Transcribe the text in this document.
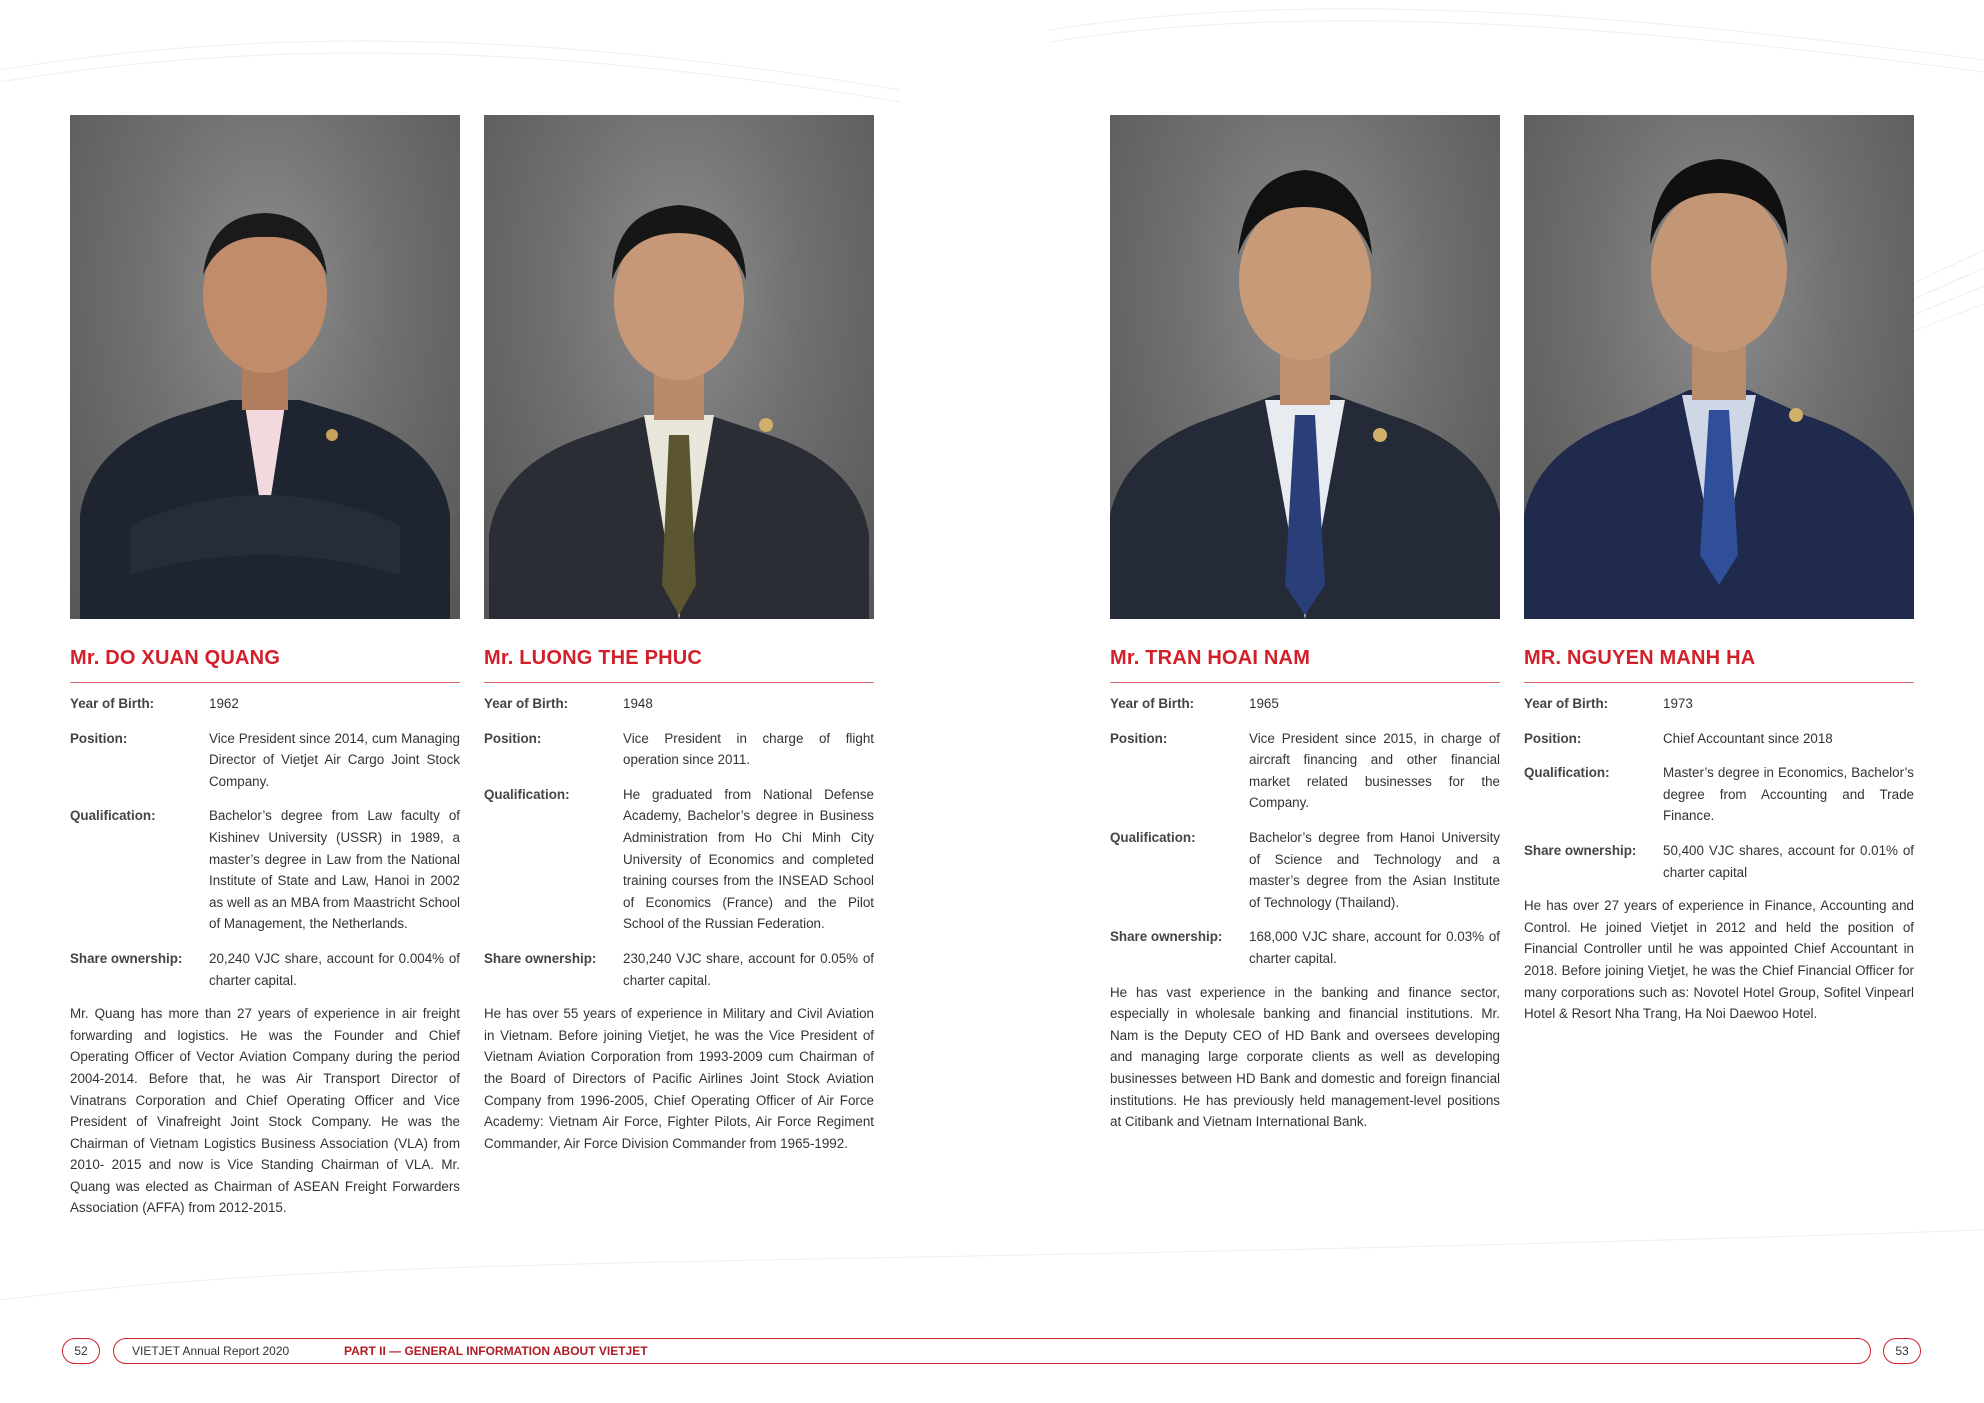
Mr. DO XUAN QUANG
Year of Birth:	1962
Position:	Vice President since 2014, cum Managing Director of Vietjet Air Cargo Joint Stock Company.
Qualification:	Bachelor’s degree from Law faculty of Kishinev University (USSR) in 1989, a master’s degree in Law from the National Institute of State and Law, Hanoi in 2002 as well as an MBA from Maastricht School of Management, the Netherlands.
Share ownership:	20,240 VJC share, account for 0.004% of charter capital.
Mr. Quang has more than 27 years of experience in air freight forwarding and logistics. He was the Founder and Chief Operating Officer of Vector Aviation Company during the period 2004-2014. Before that, he was Air Transport Director of Vinatrans Corporation and Chief Operating Officer and Vice President of Vinafreight Joint Stock Company. He was the Chairman of Vietnam Logistics Business Association (VLA) from 2010- 2015 and now is Vice Standing Chairman of VLA. Mr. Quang was elected as Chairman of ASEAN Freight Forwarders Association (AFFA) from 2012-2015.
Mr. LUONG THE PHUC
Year of Birth:	1948
Position:	Vice President in charge of flight operation since 2011.
Qualification:	He graduated from National Defense Academy, Bachelor’s degree in Business Administration from Ho Chi Minh City University of Economics and completed training courses from the INSEAD School of Economics (France) and the Pilot School of the Russian Federation.
Share ownership:	230,240 VJC share, account for 0.05% of charter capital.
He has over 55 years of experience in Military and Civil Aviation in Vietnam. Before joining Vietjet, he was the Vice President of Vietnam Aviation Corporation from 1993-2009 cum Chairman of the Board of Directors of Pacific Airlines Joint Stock Aviation Company from 1996-2005, Chief Operating Officer of Air Force Academy: Vietnam Air Force, Fighter Pilots, Air Force Regiment Commander, Air Force Division Commander from 1965-1992.
Mr. TRAN HOAI NAM
Year of Birth:	1965
Position:	Vice President since 2015, in charge of aircraft financing and other financial market related businesses for the Company.
Qualification:	Bachelor’s degree from Hanoi University of Science and Technology and a master’s degree from the Asian Institute of Technology (Thailand).
Share ownership:	168,000 VJC share, account for 0.03% of charter capital.
He has vast experience in the banking and finance sector, especially in wholesale banking and financial institutions. Mr. Nam is the Deputy CEO of HD Bank and oversees developing and managing large corporate clients as well as developing businesses between HD Bank and domestic and foreign financial institutions. He has previously held management-level positions at Citibank and Vietnam International Bank.
MR. NGUYEN MANH HA
Year of Birth:	1973
Position:	Chief Accountant since 2018
Qualification:	Master’s degree in Economics, Bachelor’s degree from Accounting and Trade Finance.
Share ownership:	50,400 VJC shares, account for 0.01% of charter capital
He has over 27 years of experience in Finance, Accounting and Control. He joined Vietjet in 2012 and held the position of Financial Controller until he was appointed Chief Accountant in 2018. Before joining Vietjet, he was the Chief Financial Officer for many corporations such as: Novotel Hotel Group, Sofitel Vinpearl Hotel & Resort Nha Trang, Ha Noi Daewoo Hotel.
52	VIETJET Annual Report 2020	PART II — GENERAL INFORMATION ABOUT VIETJET	53
